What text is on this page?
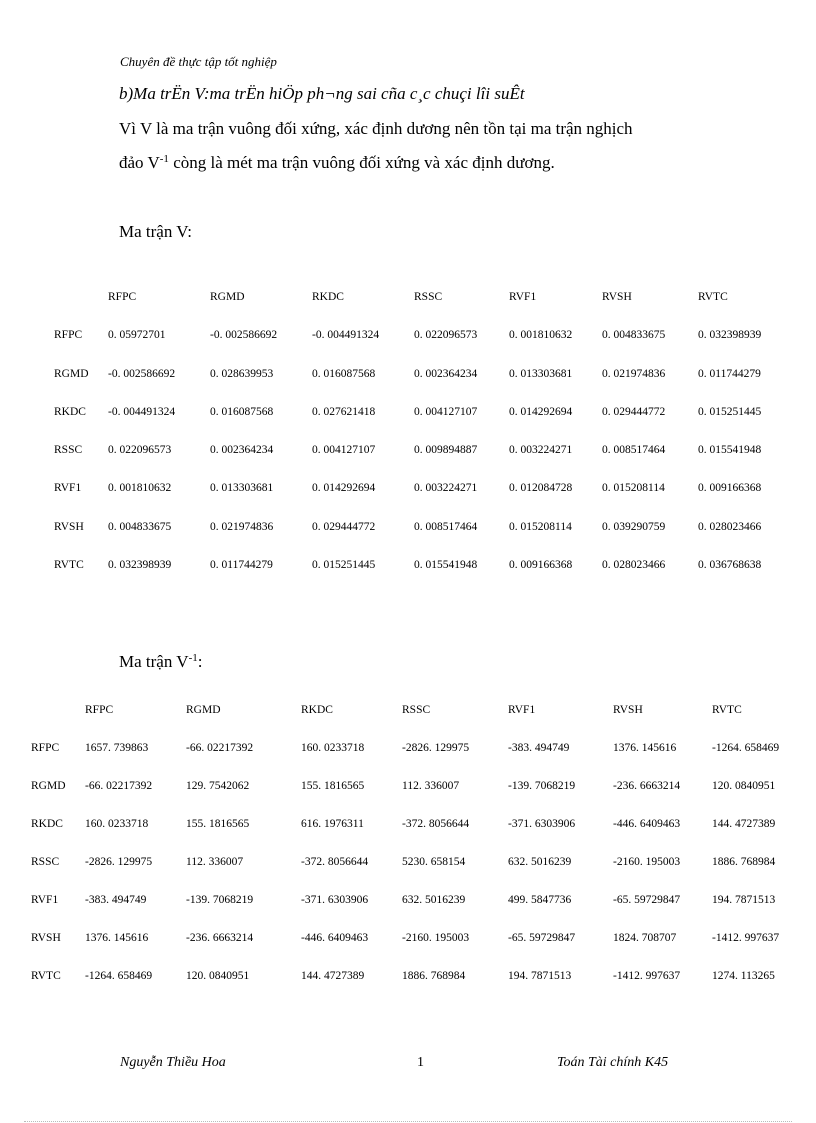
Chuyên đề thực tập tốt nghiệp
b)Ma trËn V:ma trËn hiÖp ph¬ng sai cña c¸c chuçi lîi suÊt
Vì V là ma trận vuông đối xứng, xác định dương nên tồn tại ma trận nghịch
đảo $V^{-1}$ còng là mét ma trận vuông đối xứng và xác định dương.
Ma trận V:
	RFPC	RGMD	RKDC	RSSC	RVF1	RVSH	RVTC
RFPC	0. 05972701	-0. 002586692	-0. 004491324	0. 022096573	0. 001810632	0. 004833675	0. 032398939
RGMD	-0. 002586692	0. 028639953	0. 016087568	0. 002364234	0. 013303681	0. 021974836	0. 011744279
RKDC	-0. 004491324	0. 016087568	0. 027621418	0. 004127107	0. 014292694	0. 029444772	0. 015251445
RSSC	0. 022096573	0. 002364234	0. 004127107	0. 009894887	0. 003224271	0. 008517464	0. 015541948
RVF1	0. 001810632	0. 013303681	0. 014292694	0. 003224271	0. 012084728	0. 015208114	0. 009166368
RVSH	0. 004833675	0. 021974836	0. 029444772	0. 008517464	0. 015208114	0. 039290759	0. 028023466
RVTC	0. 032398939	0. 011744279	0. 015251445	0. 015541948	0. 009166368	0. 028023466	0. 036768638
Ma trận $V^{-1}$:
	RFPC	RGMD	RKDC	RSSC	RVF1	RVSH	RVTC
RFPC	1657. 739863	-66. 02217392	160. 0233718	-2826. 129975	-383. 494749	1376. 145616	-1264. 658469
RGMD	-66. 02217392	129. 7542062	155. 1816565	112. 336007	-139. 7068219	-236. 6663214	120. 0840951
RKDC	160. 0233718	155. 1816565	616. 1976311	-372. 8056644	-371. 6303906	-446. 6409463	144. 4727389
RSSC	-2826. 129975	112. 336007	-372. 8056644	5230. 658154	632. 5016239	-2160. 195003	1886. 768984
RVF1	-383. 494749	-139. 7068219	-371. 6303906	632. 5016239	499. 5847736	-65. 59729847	194. 7871513
RVSH	1376. 145616	-236. 6663214	-446. 6409463	-2160. 195003	-65. 59729847	1824. 708707	-1412. 997637
RVTC	-1264. 658469	120. 0840951	144. 4727389	1886. 768984	194. 7871513	-1412. 997637	1274. 113265
Nguyễn Thiều Hoa	1	Toán Tài chính K45
